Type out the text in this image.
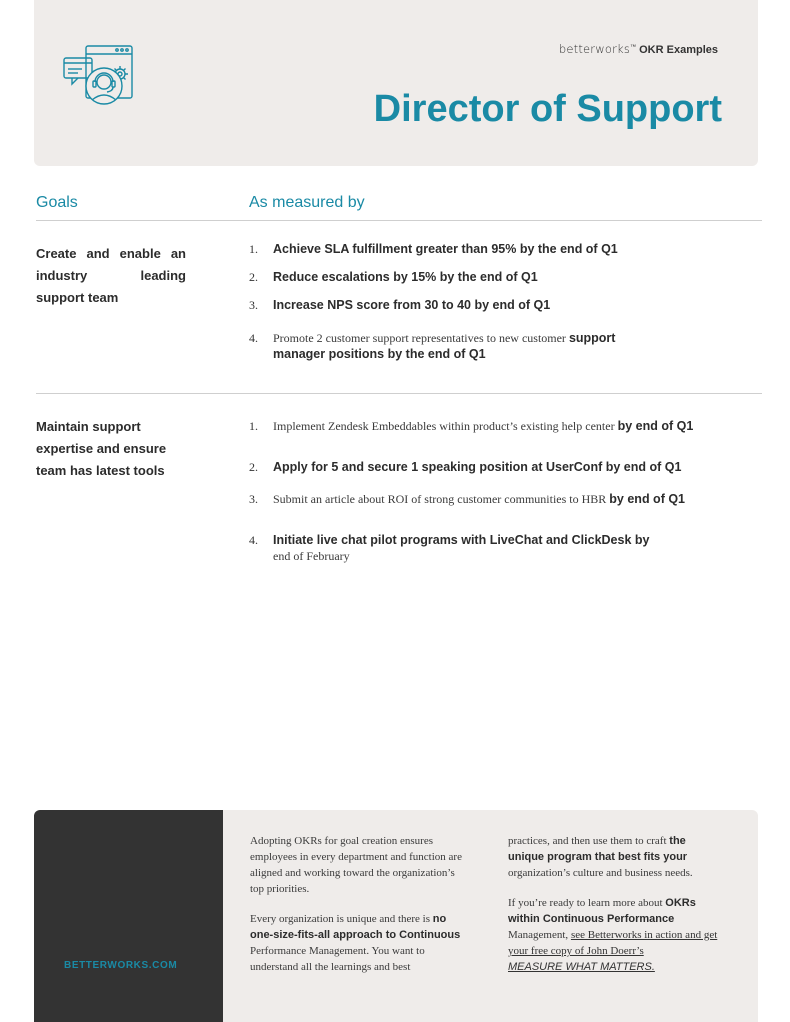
betterworks™ OKR Examples
Director of Support
Goals	As measured by
Create and enable an industry leading support team
1. Achieve SLA fulfillment greater than 95% by the end of Q1
2. Reduce escalations by 15% by the end of Q1
3. Increase NPS score from 30 to 40 by end of Q1
4. Promote 2 customer support representatives to new customer support manager positions by the end of Q1
Maintain support expertise and ensure team has latest tools
1. Implement Zendesk Embeddables within product’s existing help center by end of Q1
2. Apply for 5 and secure 1 speaking position at UserConf by end of Q1
3. Submit an article about ROI of strong customer communities to HBR by end of Q1
4. Initiate live chat pilot programs with LiveChat and ClickDesk by end of February
BETTERWORKS.COM

Adopting OKRs for goal creation ensures employees in every department and function are aligned and working toward the organization’s top priorities.

Every organization is unique and there is no one-size-fits-all approach to Continuous Performance Management. You want to understand all the learnings and best

practices, and then use them to craft the unique program that best fits your organization’s culture and business needs.

If you’re ready to learn more about OKRs within Continuous Performance Management, see Betterworks in action and get your free copy of John Doerr’s
MEASURE WHAT MATTERS.
